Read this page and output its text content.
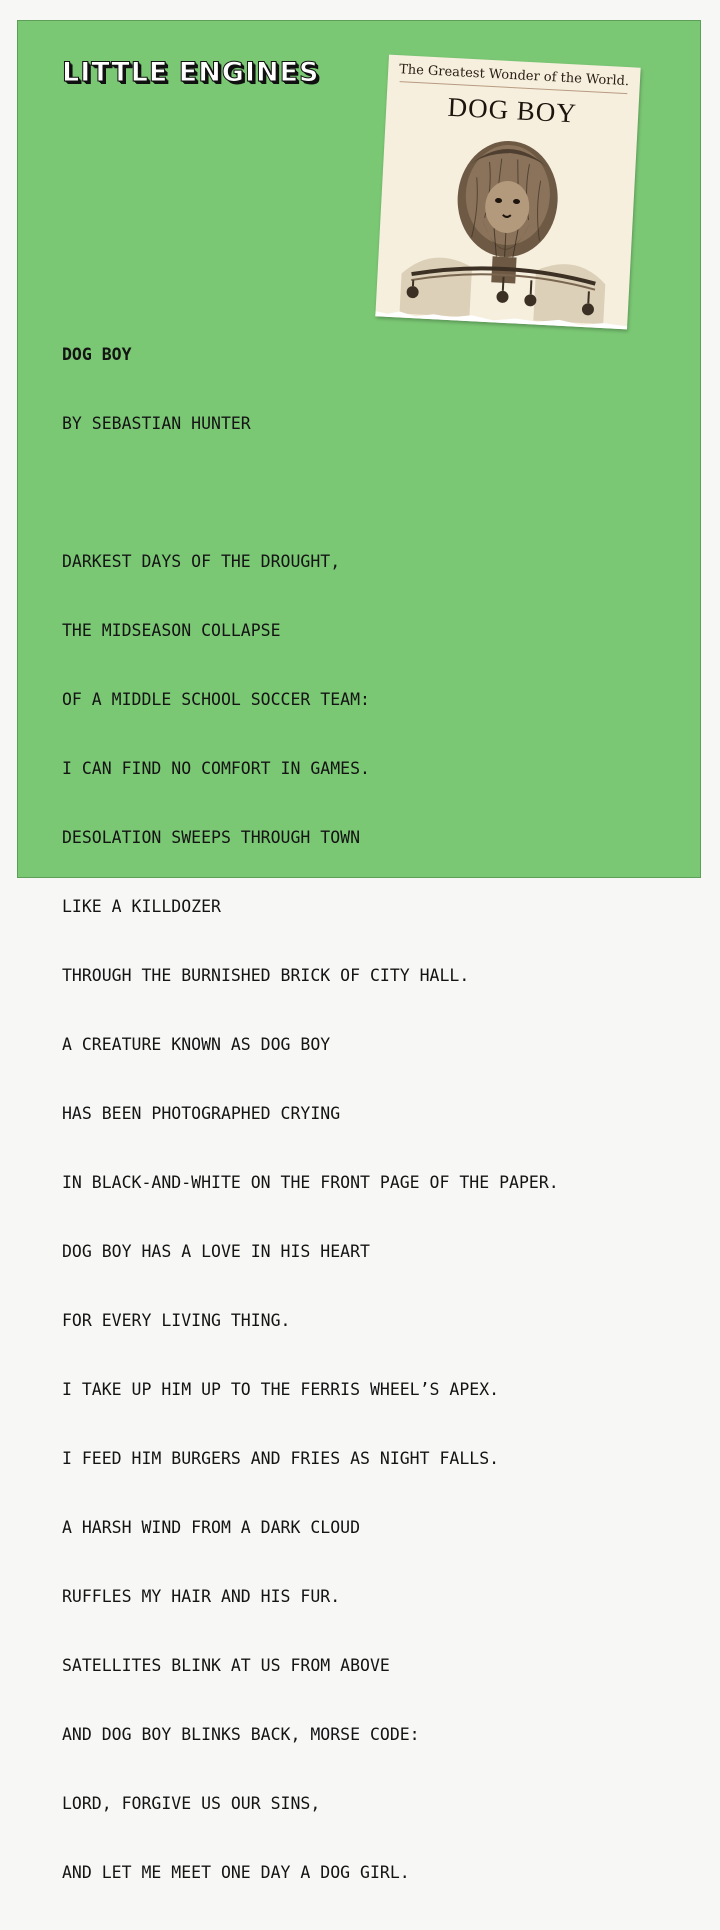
LITTLE ENGINES	The Greatest Wonder of the World.
DOG BOY

DOG BOY

BY SEBASTIAN HUNTER

DARKEST DAYS OF THE DROUGHT,

THE MIDSEASON COLLAPSE

OF A MIDDLE SCHOOL SOCCER TEAM:

I CAN FIND NO COMFORT IN GAMES.

DESOLATION SWEEPS THROUGH TOWN

LIKE A KILLDOZER

THROUGH THE BURNISHED BRICK OF CITY HALL.

A CREATURE KNOWN AS DOG BOY

HAS BEEN PHOTOGRAPHED CRYING

IN BLACK-AND-WHITE ON THE FRONT PAGE OF THE PAPER.

DOG BOY HAS A LOVE IN HIS HEART

FOR EVERY LIVING THING.

I TAKE UP HIM UP TO THE FERRIS WHEEL’S APEX.

I FEED HIM BURGERS AND FRIES AS NIGHT FALLS.

A HARSH WIND FROM A DARK CLOUD

RUFFLES MY HAIR AND HIS FUR.

SATELLITES BLINK AT US FROM ABOVE

AND DOG BOY BLINKS BACK, MORSE CODE:

LORD, FORGIVE US OUR SINS,

AND LET ME MEET ONE DAY A DOG GIRL.
